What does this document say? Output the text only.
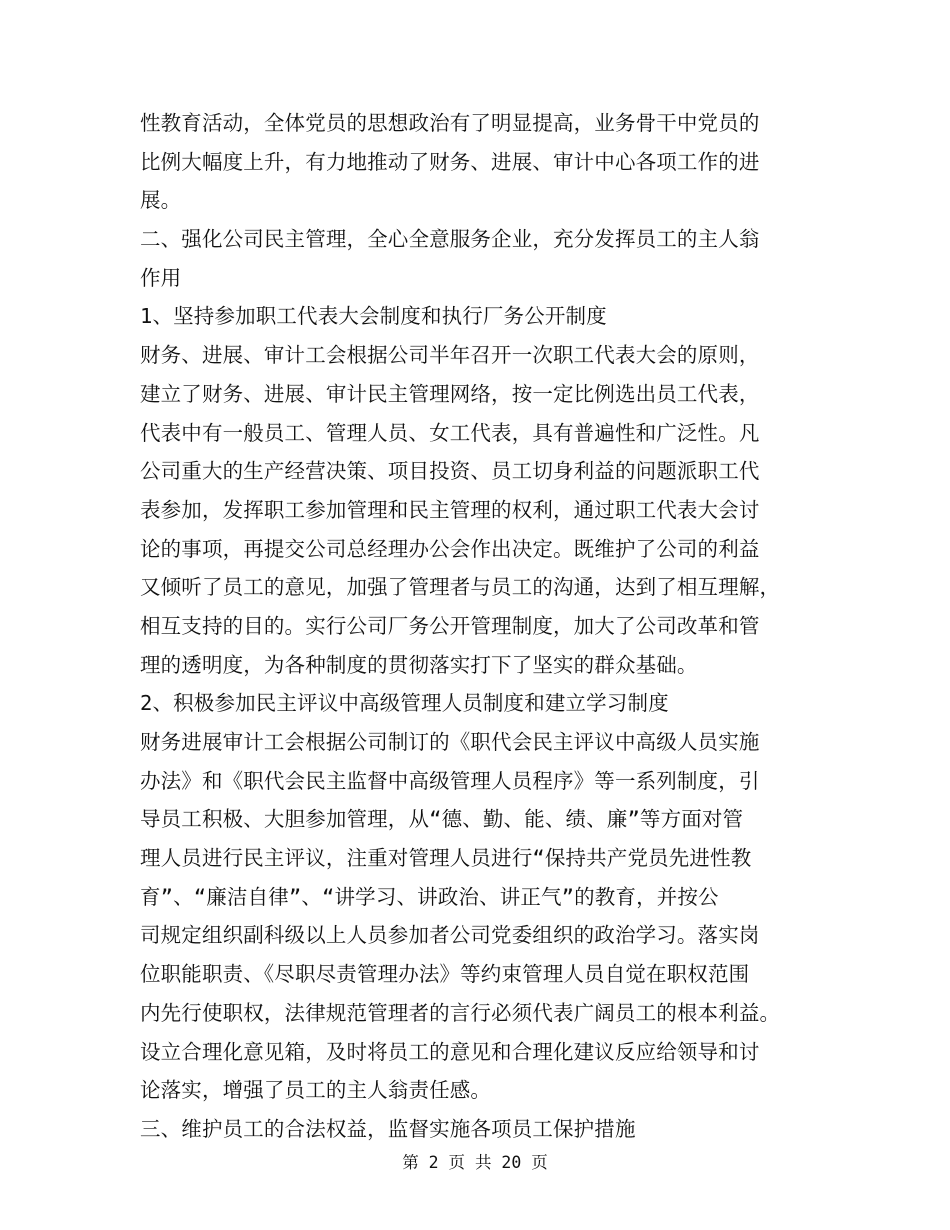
性教育活动，全体党员的思想政治有了明显提高，业务骨干中党员的
比例大幅度上升，有力地推动了财务、进展、审计中心各项工作的进
展。
二、强化公司民主管理，全心全意服务企业，充分发挥员工的主人翁
作用
1、坚持参加职工代表大会制度和执行厂务公开制度
财务、进展、审计工会根据公司半年召开一次职工代表大会的原则，
建立了财务、进展、审计民主管理网络，按一定比例选出员工代表，
代表中有一般员工、管理人员、女工代表，具有普遍性和广泛性。凡
公司重大的生产经营决策、项目投资、员工切身利益的问题派职工代
表参加，发挥职工参加管理和民主管理的权利，通过职工代表大会讨
论的事项，再提交公司总经理办公会作出决定。既维护了公司的利益
又倾听了员工的意见，加强了管理者与员工的沟通，达到了相互理解，
相互支持的目的。实行公司厂务公开管理制度，加大了公司改革和管
理的透明度，为各种制度的贯彻落实打下了坚实的群众基础。
2、积极参加民主评议中高级管理人员制度和建立学习制度
财务进展审计工会根据公司制订的《职代会民主评议中高级人员实施
办法》和《职代会民主监督中高级管理人员程序》等一系列制度，引
导员工积极、大胆参加管理，从“德、勤、能、绩、廉”等方面对管
理人员进行民主评议，注重对管理人员进行“保持共产党员先进性教
育”、“廉洁自律”、“讲学习、讲政治、讲正气”的教育，并按公
司规定组织副科级以上人员参加者公司党委组织的政治学习。落实岗
位职能职责、《尽职尽责管理办法》等约束管理人员自觉在职权范围
内先行使职权，法律规范管理者的言行必须代表广阔员工的根本利益。
设立合理化意见箱，及时将员工的意见和合理化建议反应给领导和讨
论落实，增强了员工的主人翁责任感。
三、维护员工的合法权益，监督实施各项员工保护措施
第 2 页 共 20 页
